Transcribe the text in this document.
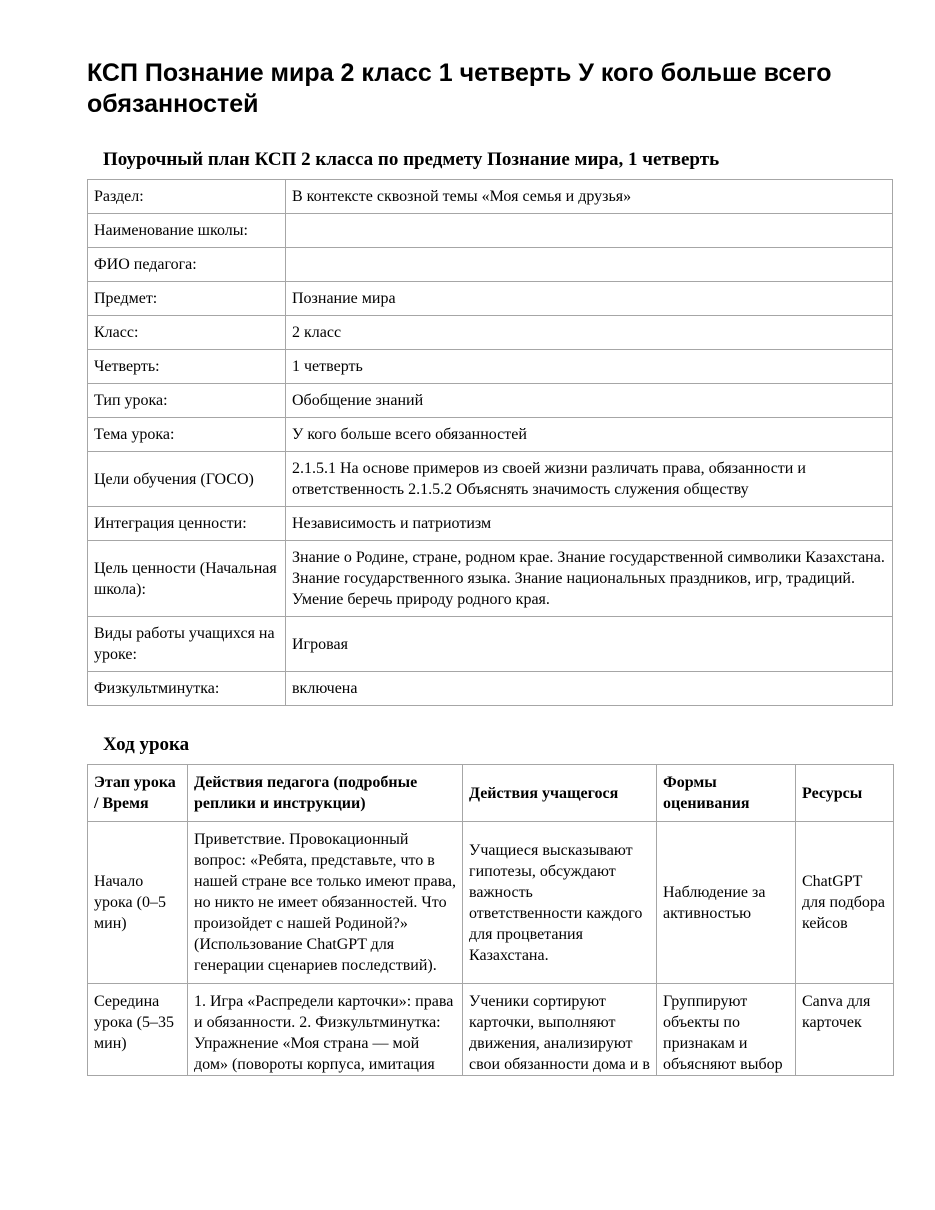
КСП Познание мира 2 класс 1 четверть У кого больше всего обязанностей
Поурочный план КСП 2 класса по предмету Познание мира, 1 четверть
Раздел:	В контексте сквозной темы «Моя семья и друзья»
Наименование школы:	
ФИО педагога:	
Предмет:	Познание мира
Класс:	2 класс
Четверть:	1 четверть
Тип урока:	Обобщение знаний
Тема урока:	У кого больше всего обязанностей
Цели обучения (ГОСО)	2.1.5.1 На основе примеров из своей жизни различать права, обязанности и ответственность 2.1.5.2 Объяснять значимость служения обществу
Интеграция ценности:	Независимость и патриотизм
Цель ценности (Начальная школа):	Знание о Родине, стране, родном крае. Знание государственной символики Казахстана. Знание государственного языка. Знание национальных праздников, игр, традиций. Умение беречь природу родного края.
Виды работы учащихся на уроке:	Игровая
Физкультминутка:	включена
Ход урока
Этап урока / Время	Действия педагога (подробные реплики и инструкции)	Действия учащегося	Формы оценивания	Ресурсы
Начало урока (0–5 мин)	Приветствие. Провокационный вопрос: «Ребята, представьте, что в нашей стране все только имеют права, но никто не имеет обязанностей. Что произойдет с нашей Родиной?» (Использование ChatGPT для генерации сценариев последствий).	Учащиеся высказывают гипотезы, обсуждают важность ответственности каждого для процветания Казахстана.	Наблюдение за активностью	ChatGPT для подбора кейсов

Середина урока (5–35 мин)	1. Игра «Распредели карточки»: права и обязанности. 2. Физкультминутка: Упражнение «Моя страна — мой дом» (повороты корпуса, имитация	Ученики сортируют карточки, выполняют движения, анализируют свои обязанности дома и в	Группируют объекты по признакам и объясняют выбор	Canva для карточек
